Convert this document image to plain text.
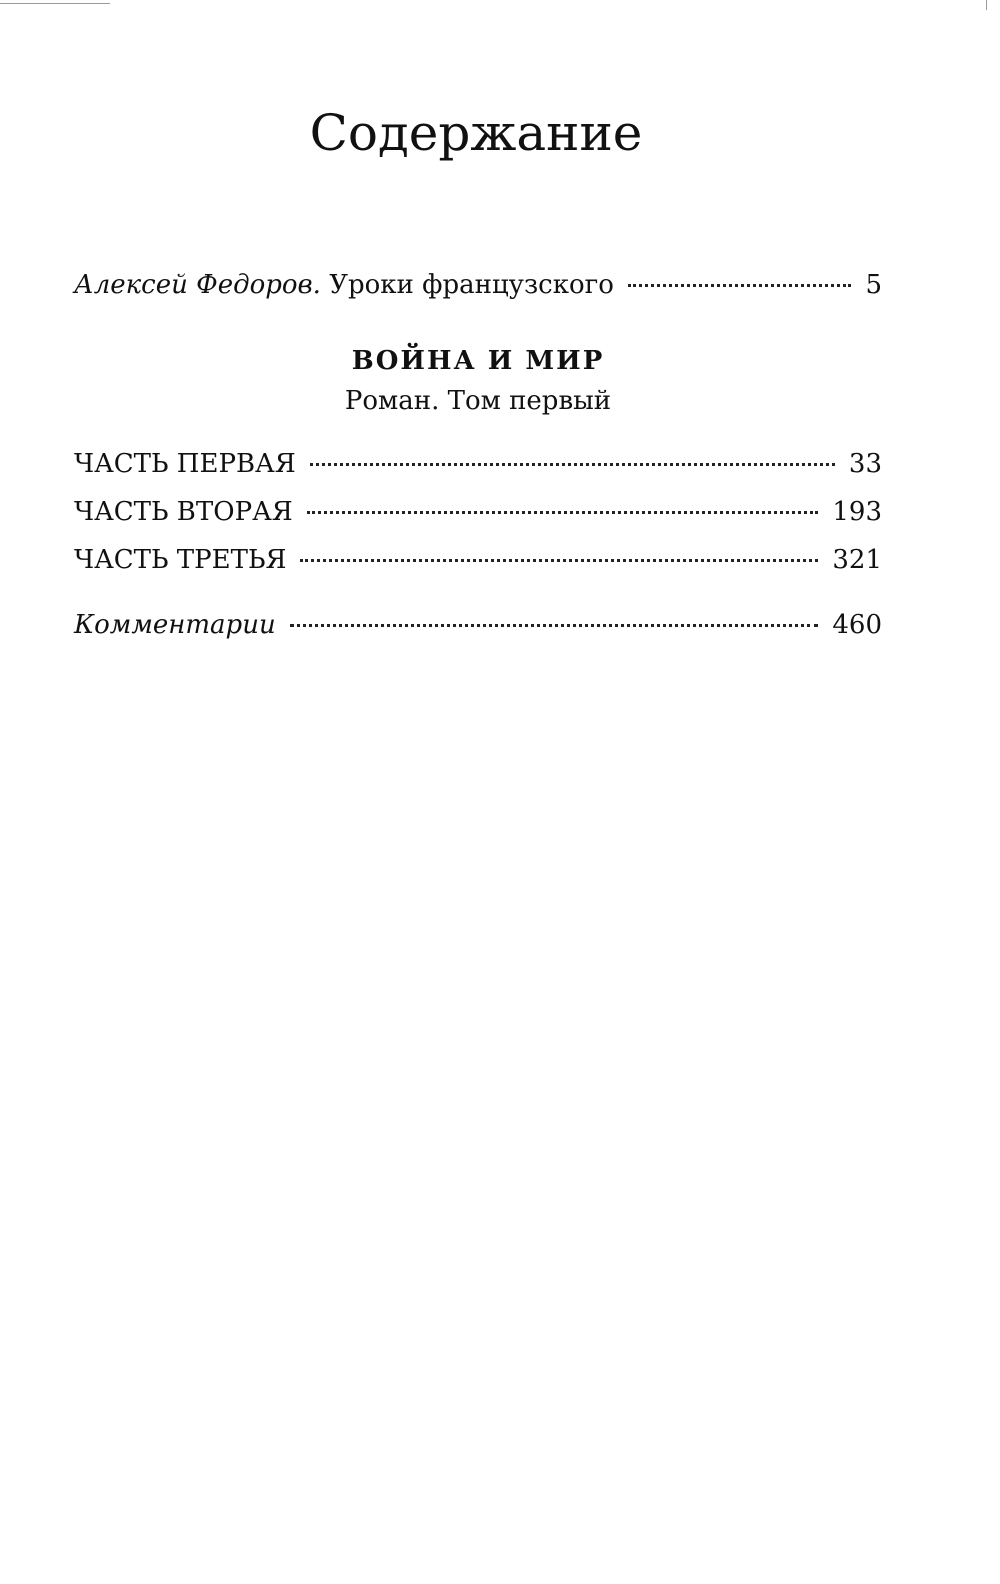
Содержание
Алексей Федоров. Уроки французского	5
ВОЙНА И МИР
Роман. Том первый
ЧАСТЬ ПЕРВАЯ	33
ЧАСТЬ ВТОРАЯ	193
ЧАСТЬ ТРЕТЬЯ	321
Комментарии	460
